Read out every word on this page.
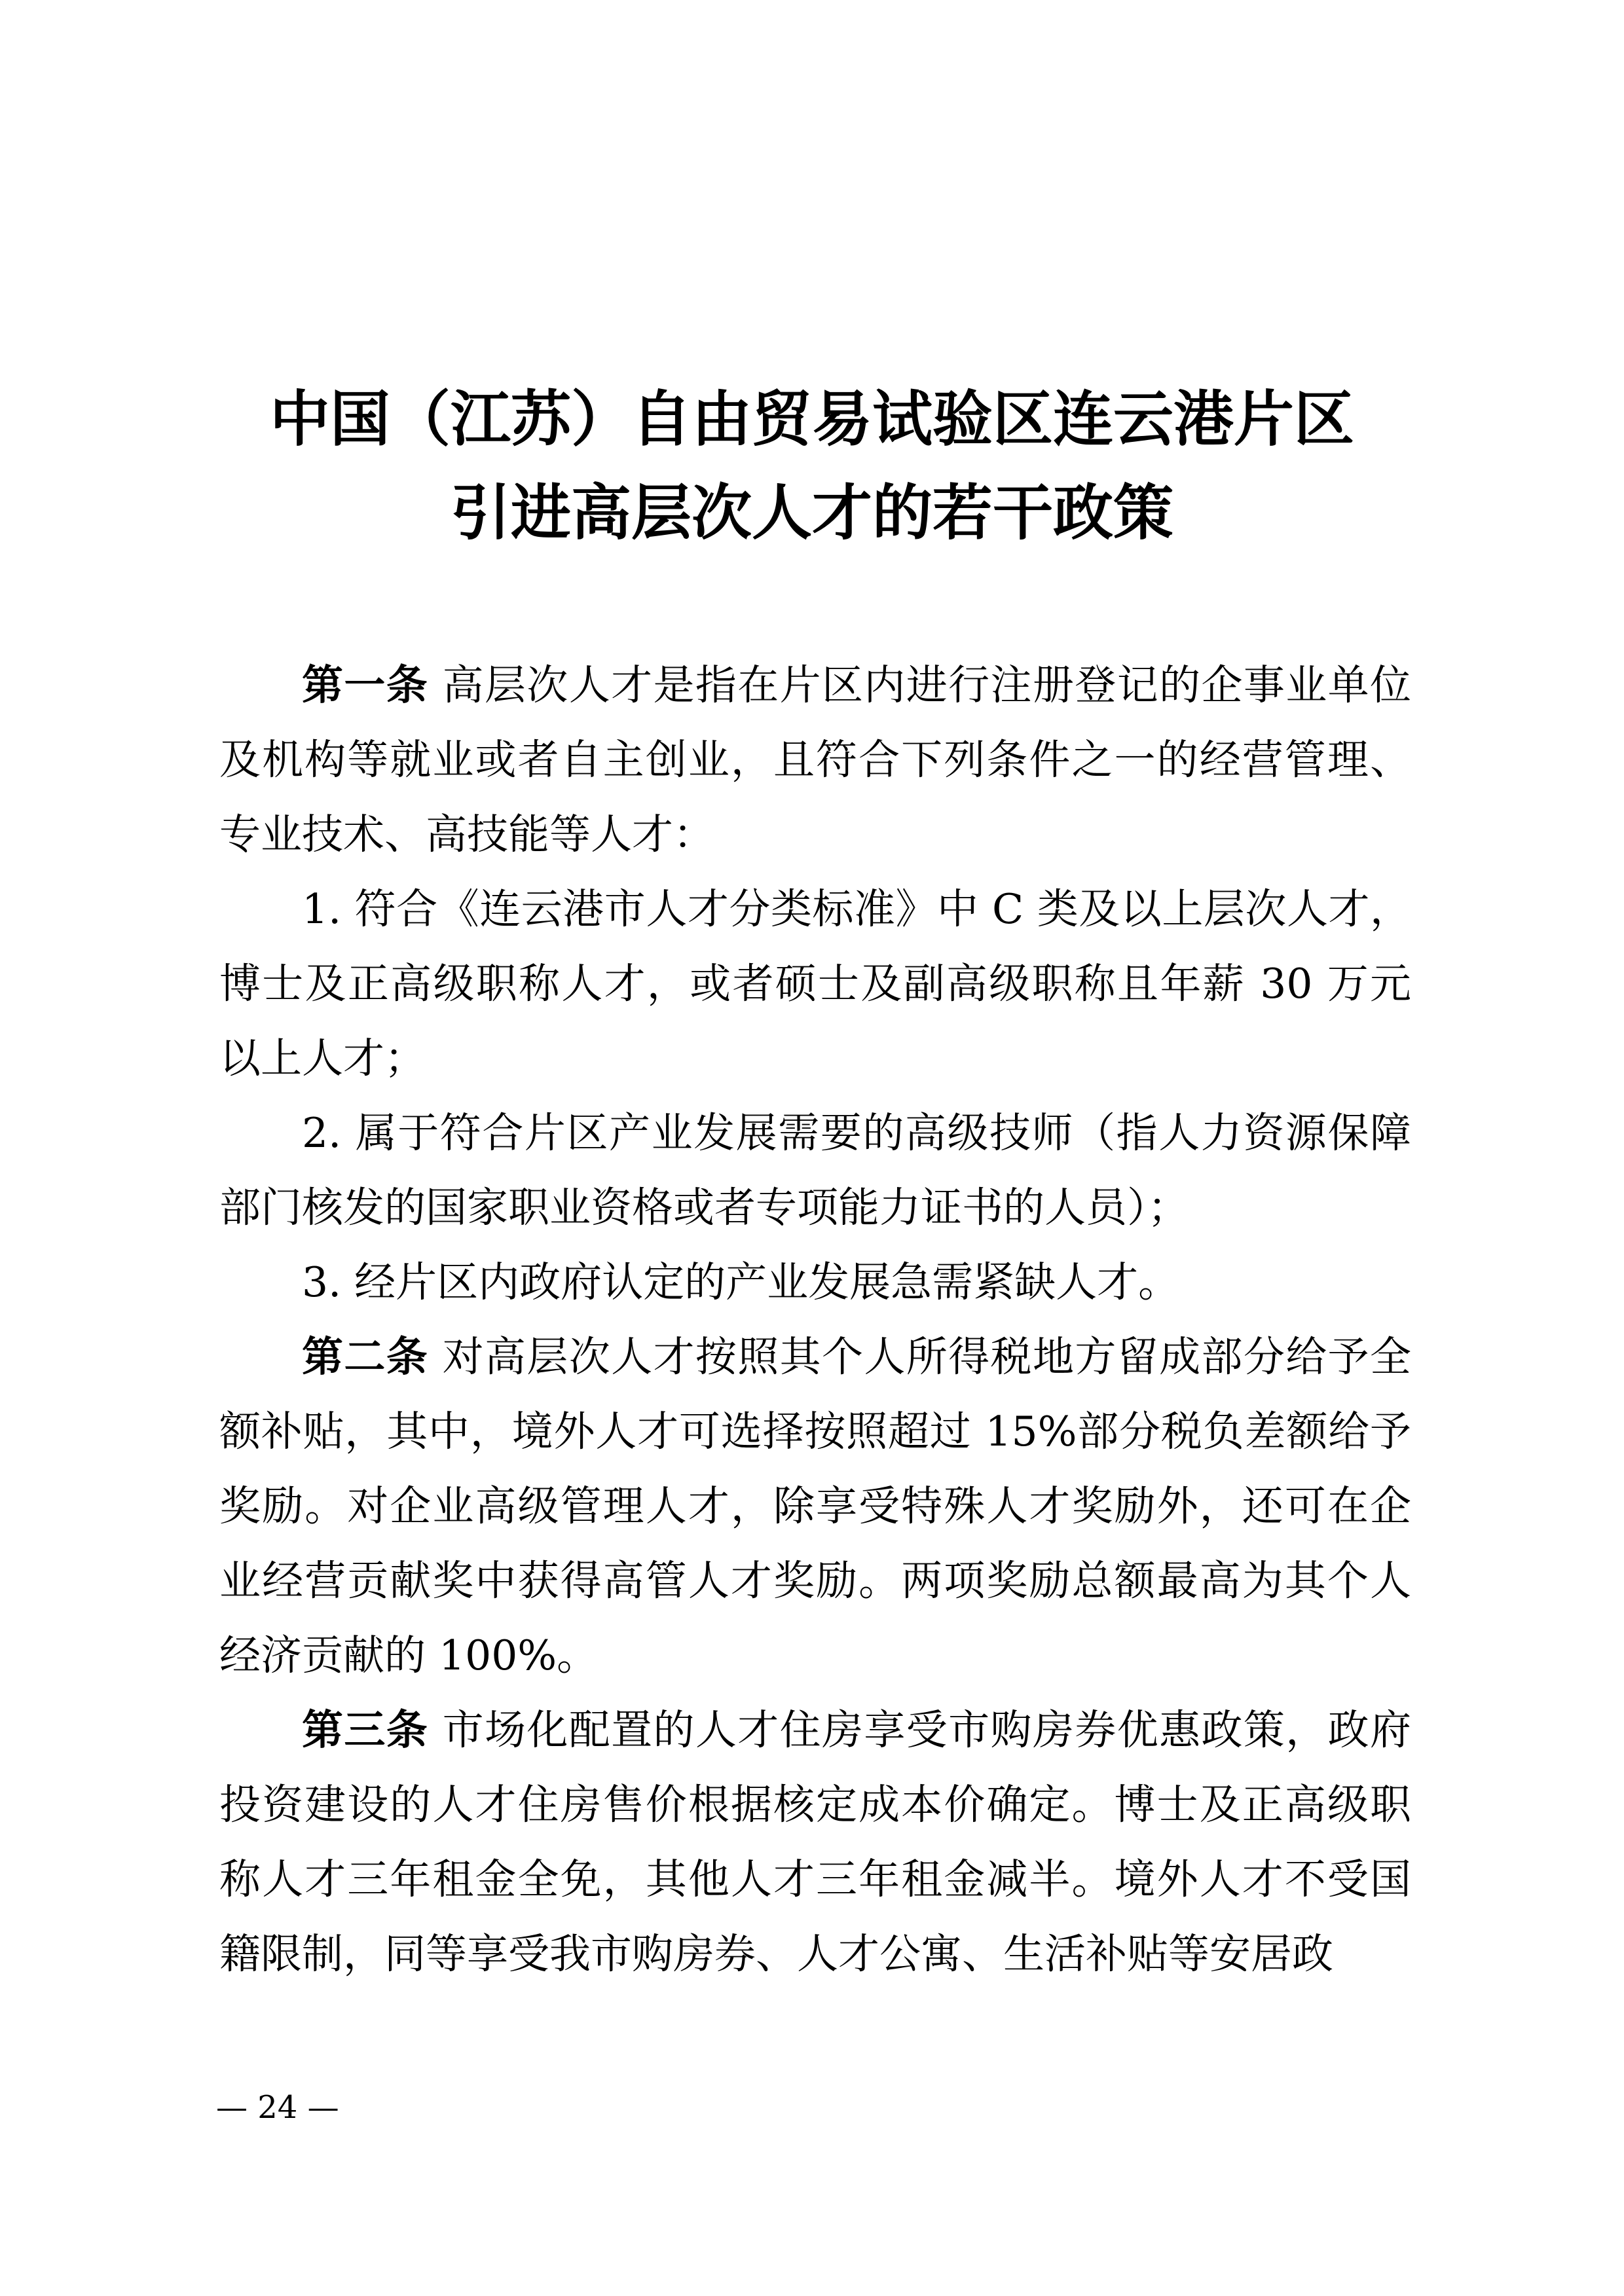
中国（江苏）自由贸易试验区连云港片区
引进高层次人才的若干政策

第一条 高层次人才是指在片区内进行注册登记的企事业单位及机构等就业或者自主创业，且符合下列条件之一的经营管理、专业技术、高技能等人才：

1. 符合《连云港市人才分类标准》中 C 类及以上层次人才，博士及正高级职称人才，或者硕士及副高级职称且年薪 30 万元以上人才；

2. 属于符合片区产业发展需要的高级技师（指人力资源保障部门核发的国家职业资格或者专项能力证书的人员）；

3. 经片区内政府认定的产业发展急需紧缺人才。

第二条 对高层次人才按照其个人所得税地方留成部分给予全额补贴，其中，境外人才可选择按照超过 15%部分税负差额给予奖励。对企业高级管理人才，除享受特殊人才奖励外，还可在企业经营贡献奖中获得高管人才奖励。两项奖励总额最高为其个人经济贡献的 100%。

第三条 市场化配置的人才住房享受市购房券优惠政策，政府投资建设的人才住房售价根据核定成本价确定。博士及正高级职称人才三年租金全免，其他人才三年租金减半。境外人才不受国籍限制，同等享受我市购房券、人才公寓、生活补贴等安居政

— 24 —
